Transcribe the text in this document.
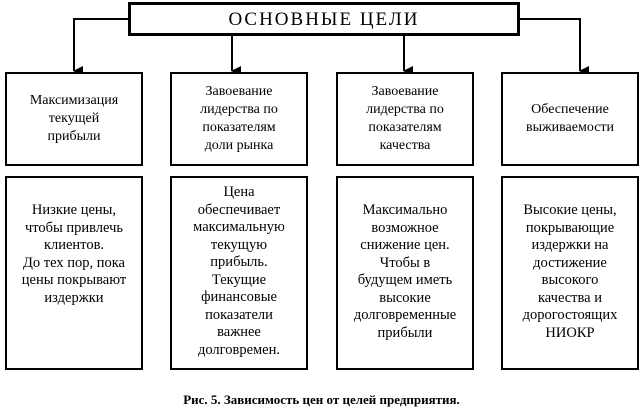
ОСНОВНЫЕ ЦЕЛИ
Максимизация
текущей
прибыли
Завоевание
лидерства по
показателям
доли рынка
Завоевание
лидерства по
показателям
качества
Обеспечение
выживаемости
Низкие цены,
чтобы привлечь
клиентов.
До тех пор, пока
цены покрывают
издержки
Цена
обеспечивает
максимальную
текущую
прибыль.
Текущие
финансовые
показатели
важнее
долговремен.
Максимально
возможное
снижение цен.
Чтобы в
будущем иметь
высокие
долговременные
прибыли
Высокие цены,
покрывающие
издержки на
достижение
высокого
качества и
дорогостоящих
НИОКР
Рис. 5. Зависимость цен от целей предприятия.
